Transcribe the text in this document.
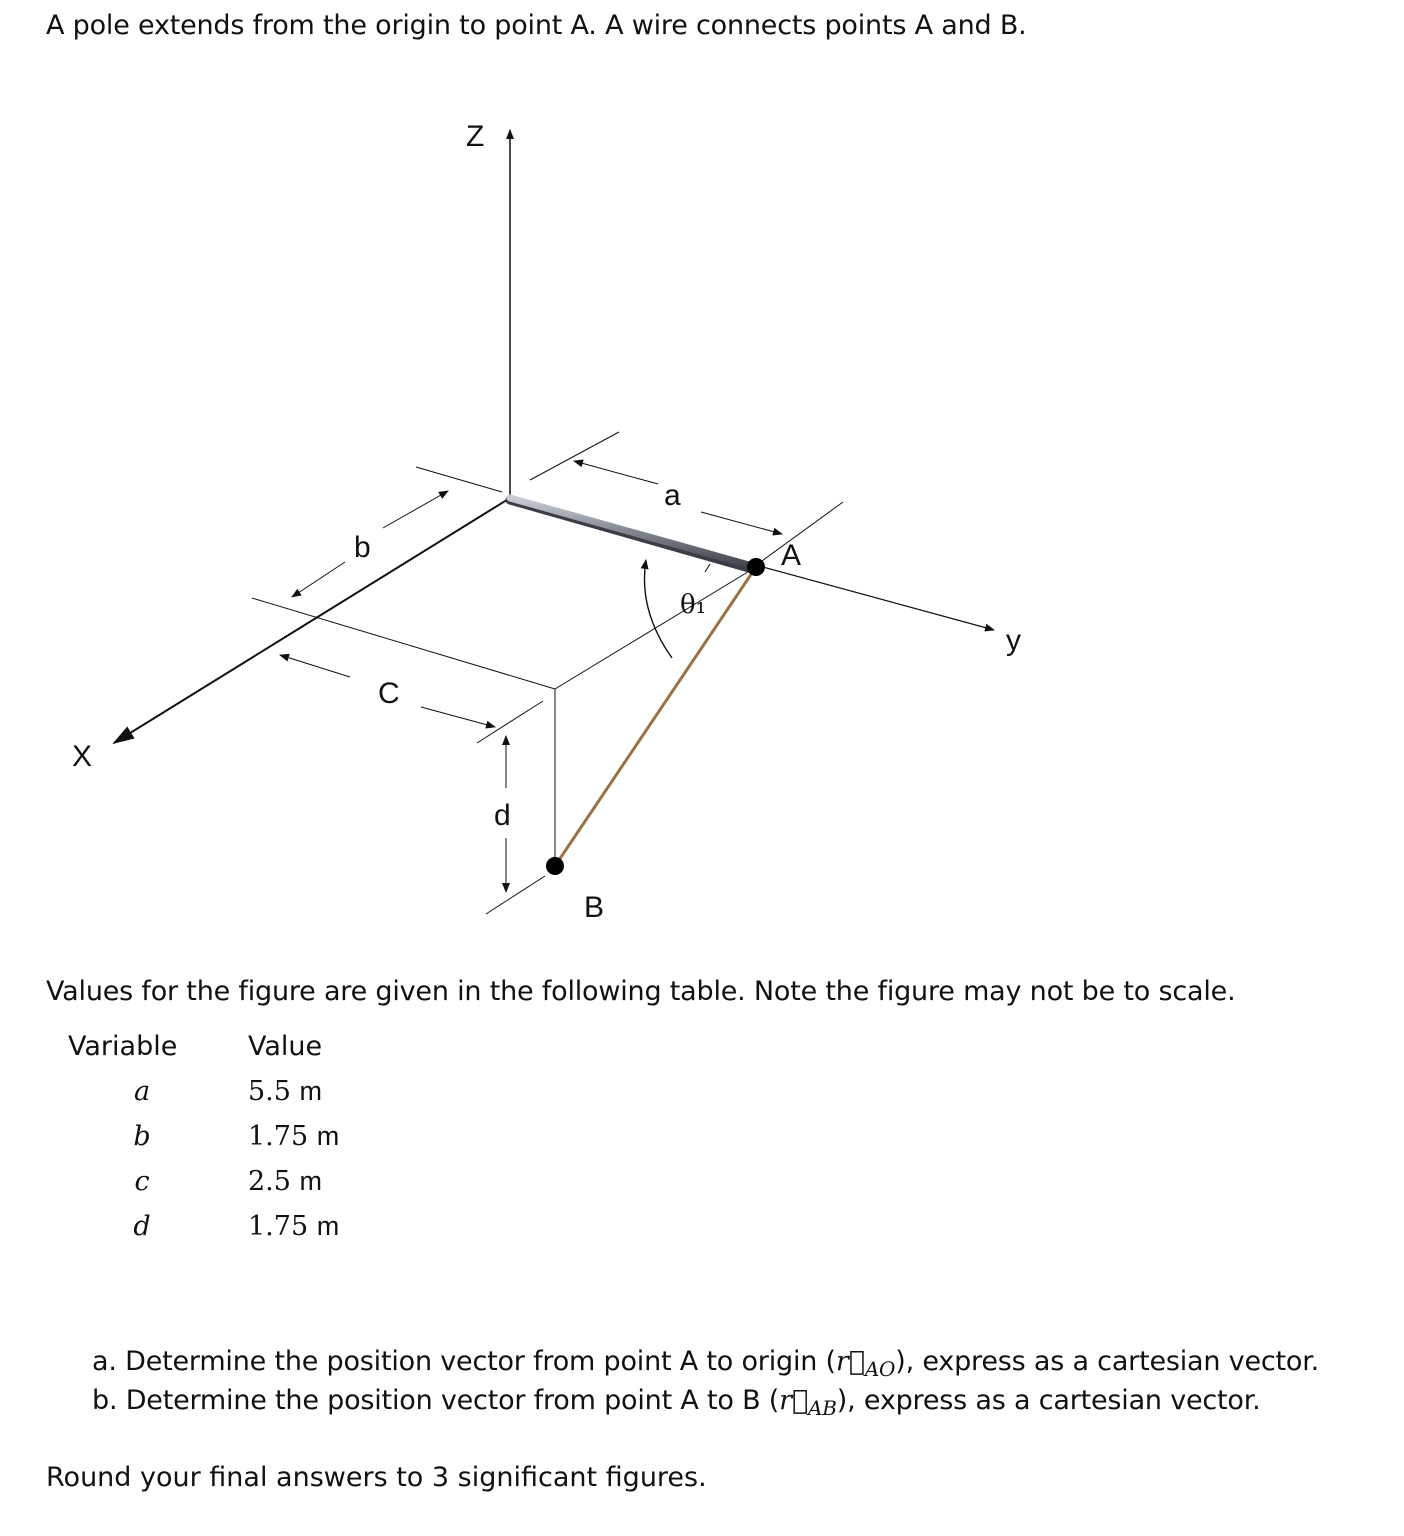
A pole extends from the origin to point A. A wire connects points A and B.
Z
X
y
a
b
C
d
A
B
θ₁
Values for the figure are given in the following table. Note the figure may not be to scale.
Variable	Value
a	5.5 m
b	1.75 m
c	2.5 m
d	1.75 m
a. Determine the position vector from point A to origin $(r⃗_{AO})$, express as a cartesian vector.
b. Determine the position vector from point A to B $(r⃗_{AB})$, express as a cartesian vector.
Round your final answers to 3 significant figures.
